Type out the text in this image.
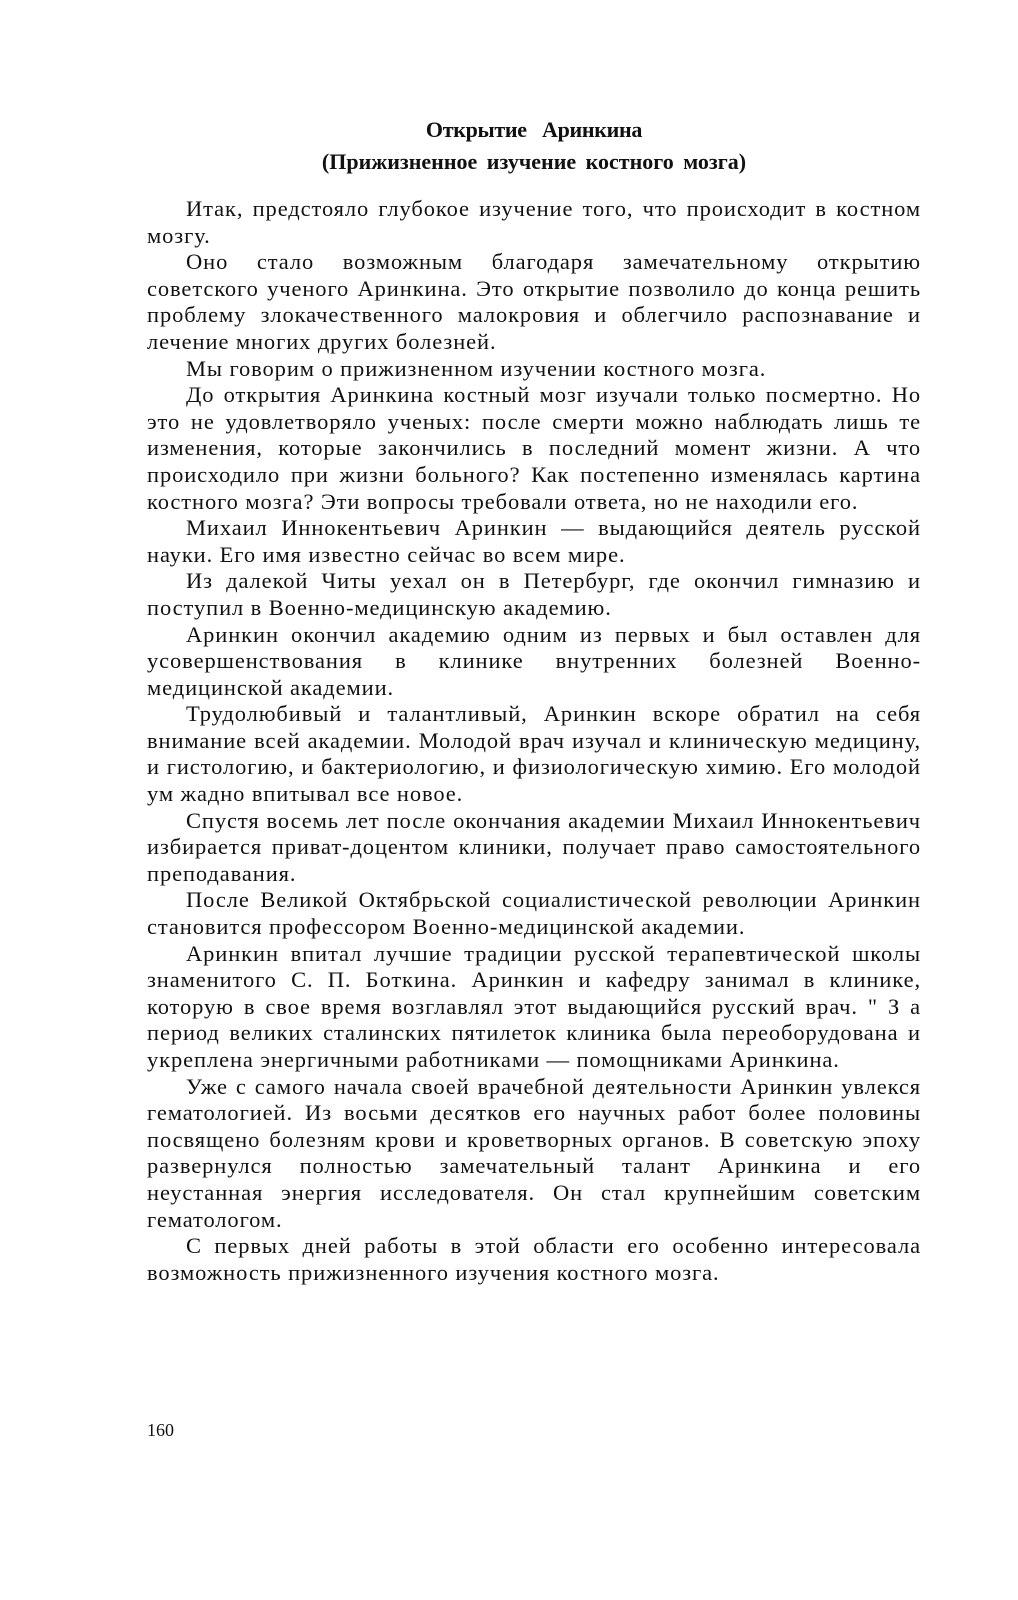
Открытие Аринкина
(Прижизненное изучение костного мозга)

Итак, предстояло глубокое изучение того, что происходит в костном мозгу.

Оно стало возможным благодаря замечательному открытию советского ученого Аринкина. Это открытие позволило до конца решить проблему злокачественного малокровия и облегчило распознавание и лечение многих других болезней.

Мы говорим о прижизненном изучении костного мозга.

До открытия Аринкина костный мозг изучали только посмертно. Но это не удовлетворяло ученых: после смерти можно наблюдать лишь те изменения, которые закончились в последний момент жизни. А что происходило при жизни больного? Как постепенно изменялась картина костного мозга? Эти вопросы требовали ответа, но не находили его.

Михаил Иннокентьевич Аринкин — выдающийся деятель русской науки. Его имя известно сейчас во всем мире.

Из далекой Читы уехал он в Петербург, где окончил гимназию и поступил в Военно-медицинскую академию.

Аринкин окончил академию одним из первых и был оставлен для усовершенствования в клинике внутренних болезней Военно-медицинской академии.

Трудолюбивый и талантливый, Аринкин вскоре обратил на себя внимание всей академии. Молодой врач изучал и клиническую медицину, и гистологию, и бактериологию, и физиологическую химию. Его молодой ум жадно впитывал все новое.

Спустя восемь лет после окончания академии Михаил Иннокентьевич избирается приват-доцентом клиники, получает право самостоятельного преподавания.

После Великой Октябрьской социалистической революции Аринкин становится профессором Военно-медицинской академии.

Аринкин впитал лучшие традиции русской терапевтической школы знаменитого С. П. Боткина. Аринкин и кафедру занимал в клинике, которую в свое время возглавлял этот выдающийся русский врач. " З а период великих сталинских пятилеток клиника была переоборудована и укреплена энергичными работниками — помощниками Аринкина.

Уже с самого начала своей врачебной деятельности Аринкин увлекся гематологией. Из восьми десятков его научных работ более половины посвящено болезням крови и кроветворных органов. В советскую эпоху развернулся полностью замечательный талант Аринкина и его неустанная энергия исследователя. Он стал крупнейшим советским гематологом.

С первых дней работы в этой области его особенно интересовала возможность прижизненного изучения костного мозга.

160
